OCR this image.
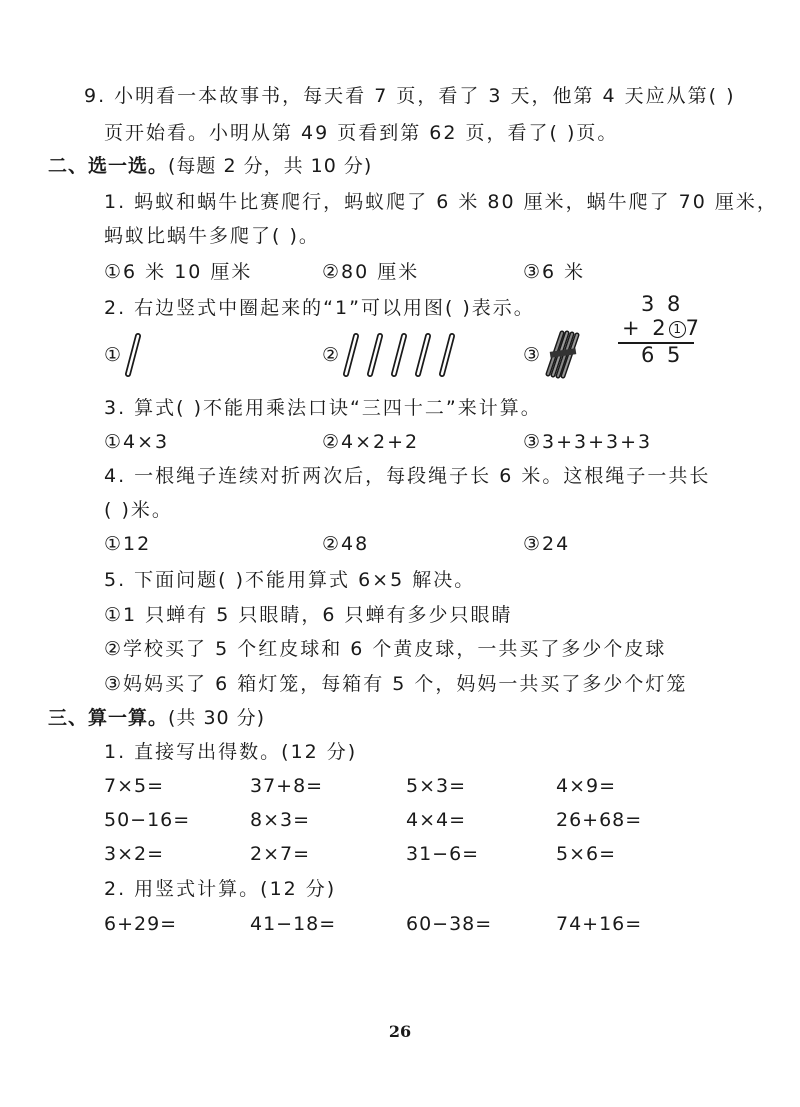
9. 小明看一本故事书，每天看 7 页，看了 3 天，他第 4 天应从第( )
页开始看。小明从第 49 页看到第 62 页，看了( )页。
二、选一选。(每题 2 分，共 10 分)
1. 蚂蚁和蜗牛比赛爬行，蚂蚁爬了 6 米 80 厘米，蜗牛爬了 70 厘米，
蚂蚁比蜗牛多爬了( )。
①6 米 10 厘米	②80 厘米	③6 米
2. 右边竖式中圈起来的“1”可以用图( )表示。	3 8
+ 2 1 7
6 5
①	②	③
3. 算式( )不能用乘法口诀“三四十二”来计算。
①4×3	②4×2+2	③3+3+3+3
4. 一根绳子连续对折两次后，每段绳子长 6 米。这根绳子一共长
( )米。
①12	②48	③24
5. 下面问题( )不能用算式 6×5 解决。
①1 只蝉有 5 只眼睛，6 只蝉有多少只眼睛
②学校买了 5 个红皮球和 6 个黄皮球，一共买了多少个皮球
③妈妈买了 6 箱灯笼，每箱有 5 个，妈妈一共买了多少个灯笼
三、算一算。(共 30 分)
1. 直接写出得数。(12 分)
7×5=	37+8=	5×3=	4×9=
50−16=	8×3=	4×4=	26+68=
3×2=	2×7=	31−6=	5×6=
2. 用竖式计算。(12 分)
6+29=	41−18=	60−38=	74+16=
26
